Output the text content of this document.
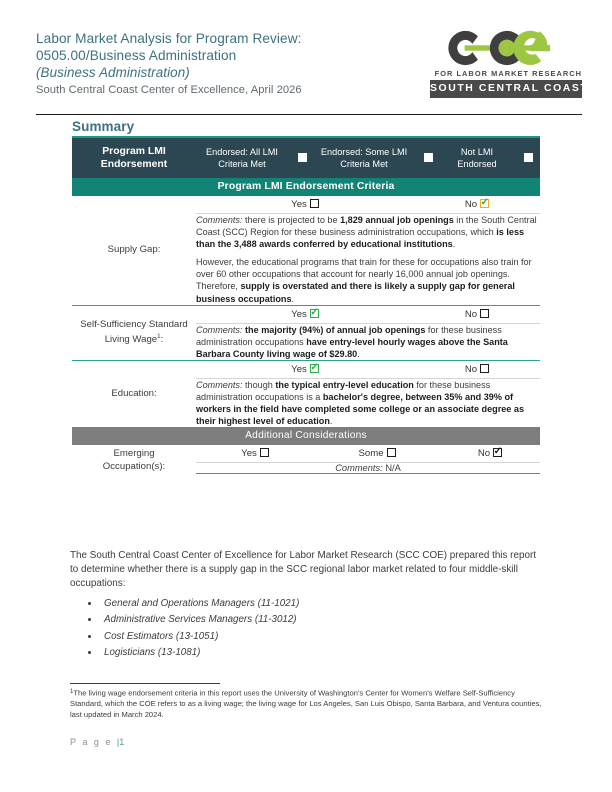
Labor Market Analysis for Program Review:
0505.00/Business Administration
(Business Administration)
South Central Coast Center of Excellence, April 2026
FOR LABOR MARKET RESEARCH
SOUTH CENTRAL COAST
Summary
Program LMI Endorsement	Endorsed: All LMI Criteria Met		Endorsed: Some LMI Criteria Met	×	Not LMI Endorsed	
Program LMI Endorsement Criteria						
Supply Gap:	Yes			No✓

	Comments: there is projected to be 1,829 annual job openings in the South Central Coast (SCC) Region for these business administration occupations, which is less than the 3,488 awards conferred by educational institutions.

However, the educational programs that train for these for occupations also train for over 60 other occupations that account for nearly 16,000 annual job openings. Therefore, supply is overstated and there is likely a supply gap for general business occupations.					

Self-Sufficiency Standard Living Wage$^1$:	Yes✓			No		

	Comments: the majority (94%) of annual job openings for these business administration occupations have entry-level hourly wages above the Santa Barbara County living wage of $29.80.					

Education:	Yes✓			No		

	Comments: though the typical entry-level education for these business administration occupations is a bachelor's degree, between 35% and 39% of workers in the field have completed some college or an associate degree as their highest level of education.					

Additional Considerations						
Emerging
Occupation(s):	Yes		Some		No✓
	Comments: N/A					
The South Central Coast Center of Excellence for Labor Market Research (SCC COE) prepared this report to determine whether there is a supply gap in the SCC regional labor market related to four middle-skill occupations:
• General and Operations Managers (11-1021)
• Administrative Services Managers (11-3012)
• Cost Estimators (13-1051)
• Logisticians (13-1081)
$^1$The living wage endorsement criteria in this report uses the University of Washington's Center for Women's Welfare Self-Sufficiency Standard, which the COE refers to as a living wage; the living wage for Los Angeles, San Luis Obispo, Santa Barbara, and Ventura counties, last updated in March 2024.
P a g e |1
